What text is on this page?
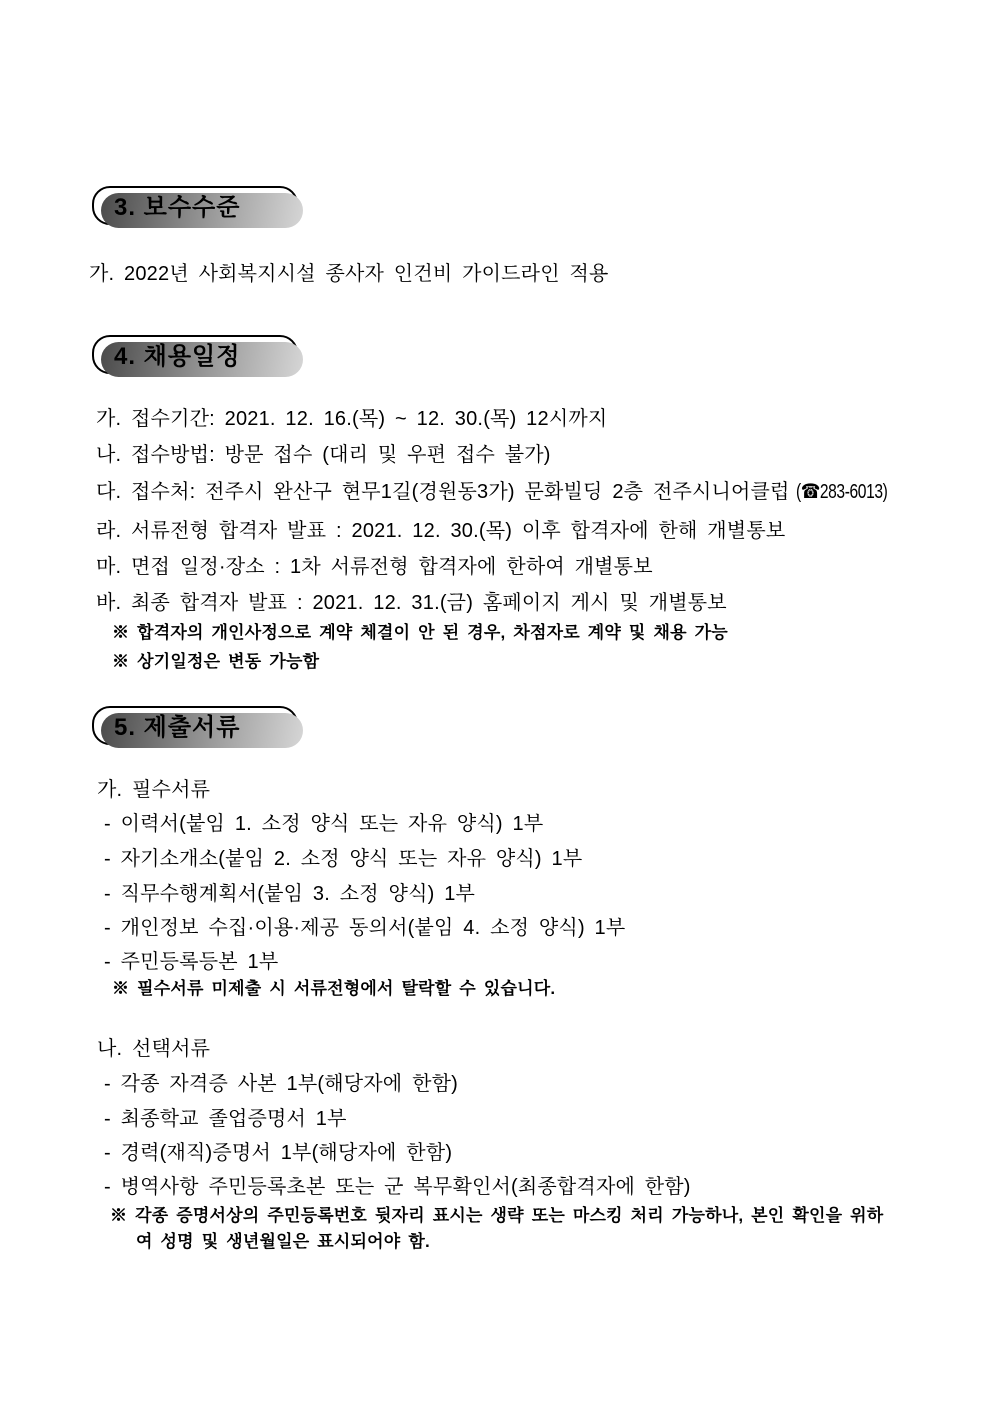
3. 보수수준
가. 2022년 사회복지시설 종사자 인건비 가이드라인 적용
4. 채용일정
가. 접수기간: 2021. 12. 16.(목) ~ 12. 30.(목) 12시까지
나. 접수방법: 방문 접수 (대리 및 우편 접수 불가)
다. 접수처: 전주시 완산구 현무1길(경원동3가) 문화빌딩 2층 전주시니어클럽 (☎283-6013)
라. 서류전형 합격자 발표 : 2021. 12. 30.(목) 이후 합격자에 한해 개별통보
마. 면접 일정·장소 : 1차 서류전형 합격자에 한하여 개별통보
바. 최종 합격자 발표 : 2021. 12. 31.(금) 홈페이지 게시 및 개별통보
※ 합격자의 개인사정으로 계약 체결이 안 된 경우, 차점자로 계약 및 채용 가능
※ 상기일정은 변동 가능함
5. 제출서류
가. 필수서류
- 이력서(붙임 1. 소정 양식 또는 자유 양식) 1부
- 자기소개소(붙임 2. 소정 양식 또는 자유 양식) 1부
- 직무수행계획서(붙임 3. 소정 양식) 1부
- 개인정보 수집·이용·제공 동의서(붙임 4. 소정 양식) 1부
- 주민등록등본 1부
※ 필수서류 미제출 시 서류전형에서 탈락할 수 있습니다.
나. 선택서류
- 각종 자격증 사본 1부(해당자에 한함)
- 최종학교 졸업증명서 1부
- 경력(재직)증명서 1부(해당자에 한함)
- 병역사항 주민등록초본 또는 군 복무확인서(최종합격자에 한함)
※ 각종 증명서상의 주민등록번호 뒷자리 표시는 생략 또는 마스킹 처리 가능하나, 본인 확인을 위하
여 성명 및 생년월일은 표시되어야 함.
